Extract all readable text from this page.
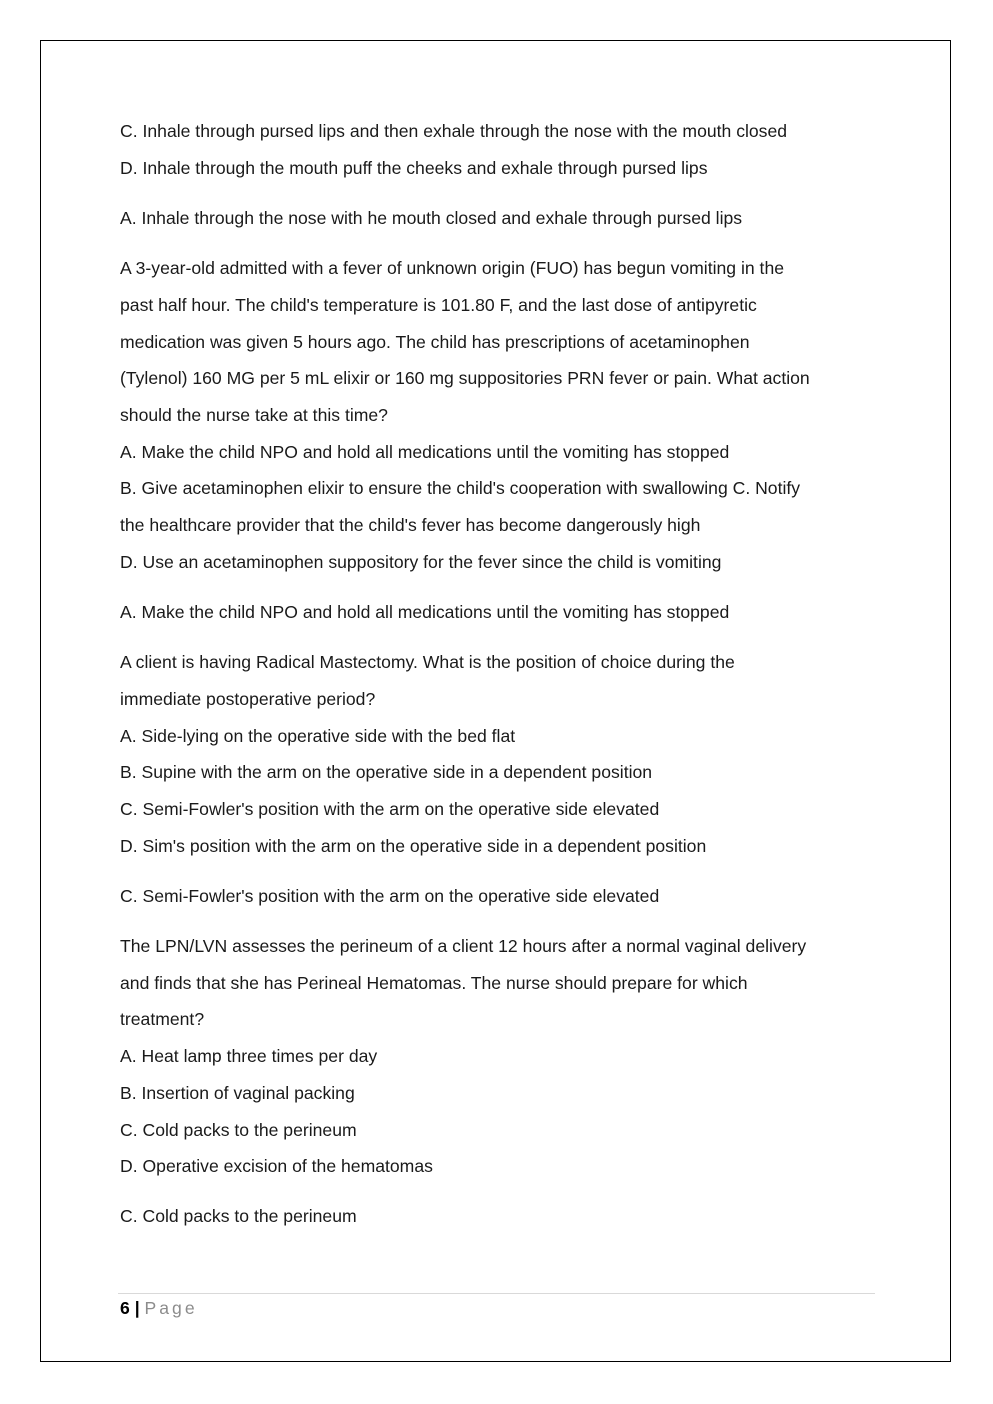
C. Inhale through pursed lips and then exhale through the nose with the mouth closed
D. Inhale through the mouth puff the cheeks and exhale through pursed lips
A. Inhale through the nose with he mouth closed and exhale through pursed lips
A 3-year-old admitted with a fever of unknown origin (FUO) has begun vomiting in the
past half hour. The child's temperature is 101.80 F, and the last dose of antipyretic
medication was given 5 hours ago. The child has prescriptions of acetaminophen
(Tylenol) 160 MG per 5 mL elixir or 160 mg suppositories PRN fever or pain. What action
should the nurse take at this time?
A. Make the child NPO and hold all medications until the vomiting has stopped
B. Give acetaminophen elixir to ensure the child's cooperation with swallowing C. Notify
the healthcare provider that the child's fever has become dangerously high
D. Use an acetaminophen suppository for the fever since the child is vomiting
A. Make the child NPO and hold all medications until the vomiting has stopped
A client is having Radical Mastectomy. What is the position of choice during the
immediate postoperative period?
A. Side-lying on the operative side with the bed flat
B. Supine with the arm on the operative side in a dependent position
C. Semi-Fowler's position with the arm on the operative side elevated
D. Sim's position with the arm on the operative side in a dependent position
C. Semi-Fowler's position with the arm on the operative side elevated
The LPN/LVN assesses the perineum of a client 12 hours after a normal vaginal delivery
and finds that she has Perineal Hematomas. The nurse should prepare for which
treatment?
A. Heat lamp three times per day
B. Insertion of vaginal packing
C. Cold packs to the perineum
D. Operative excision of the hematomas
C. Cold packs to the perineum
6 | Page
